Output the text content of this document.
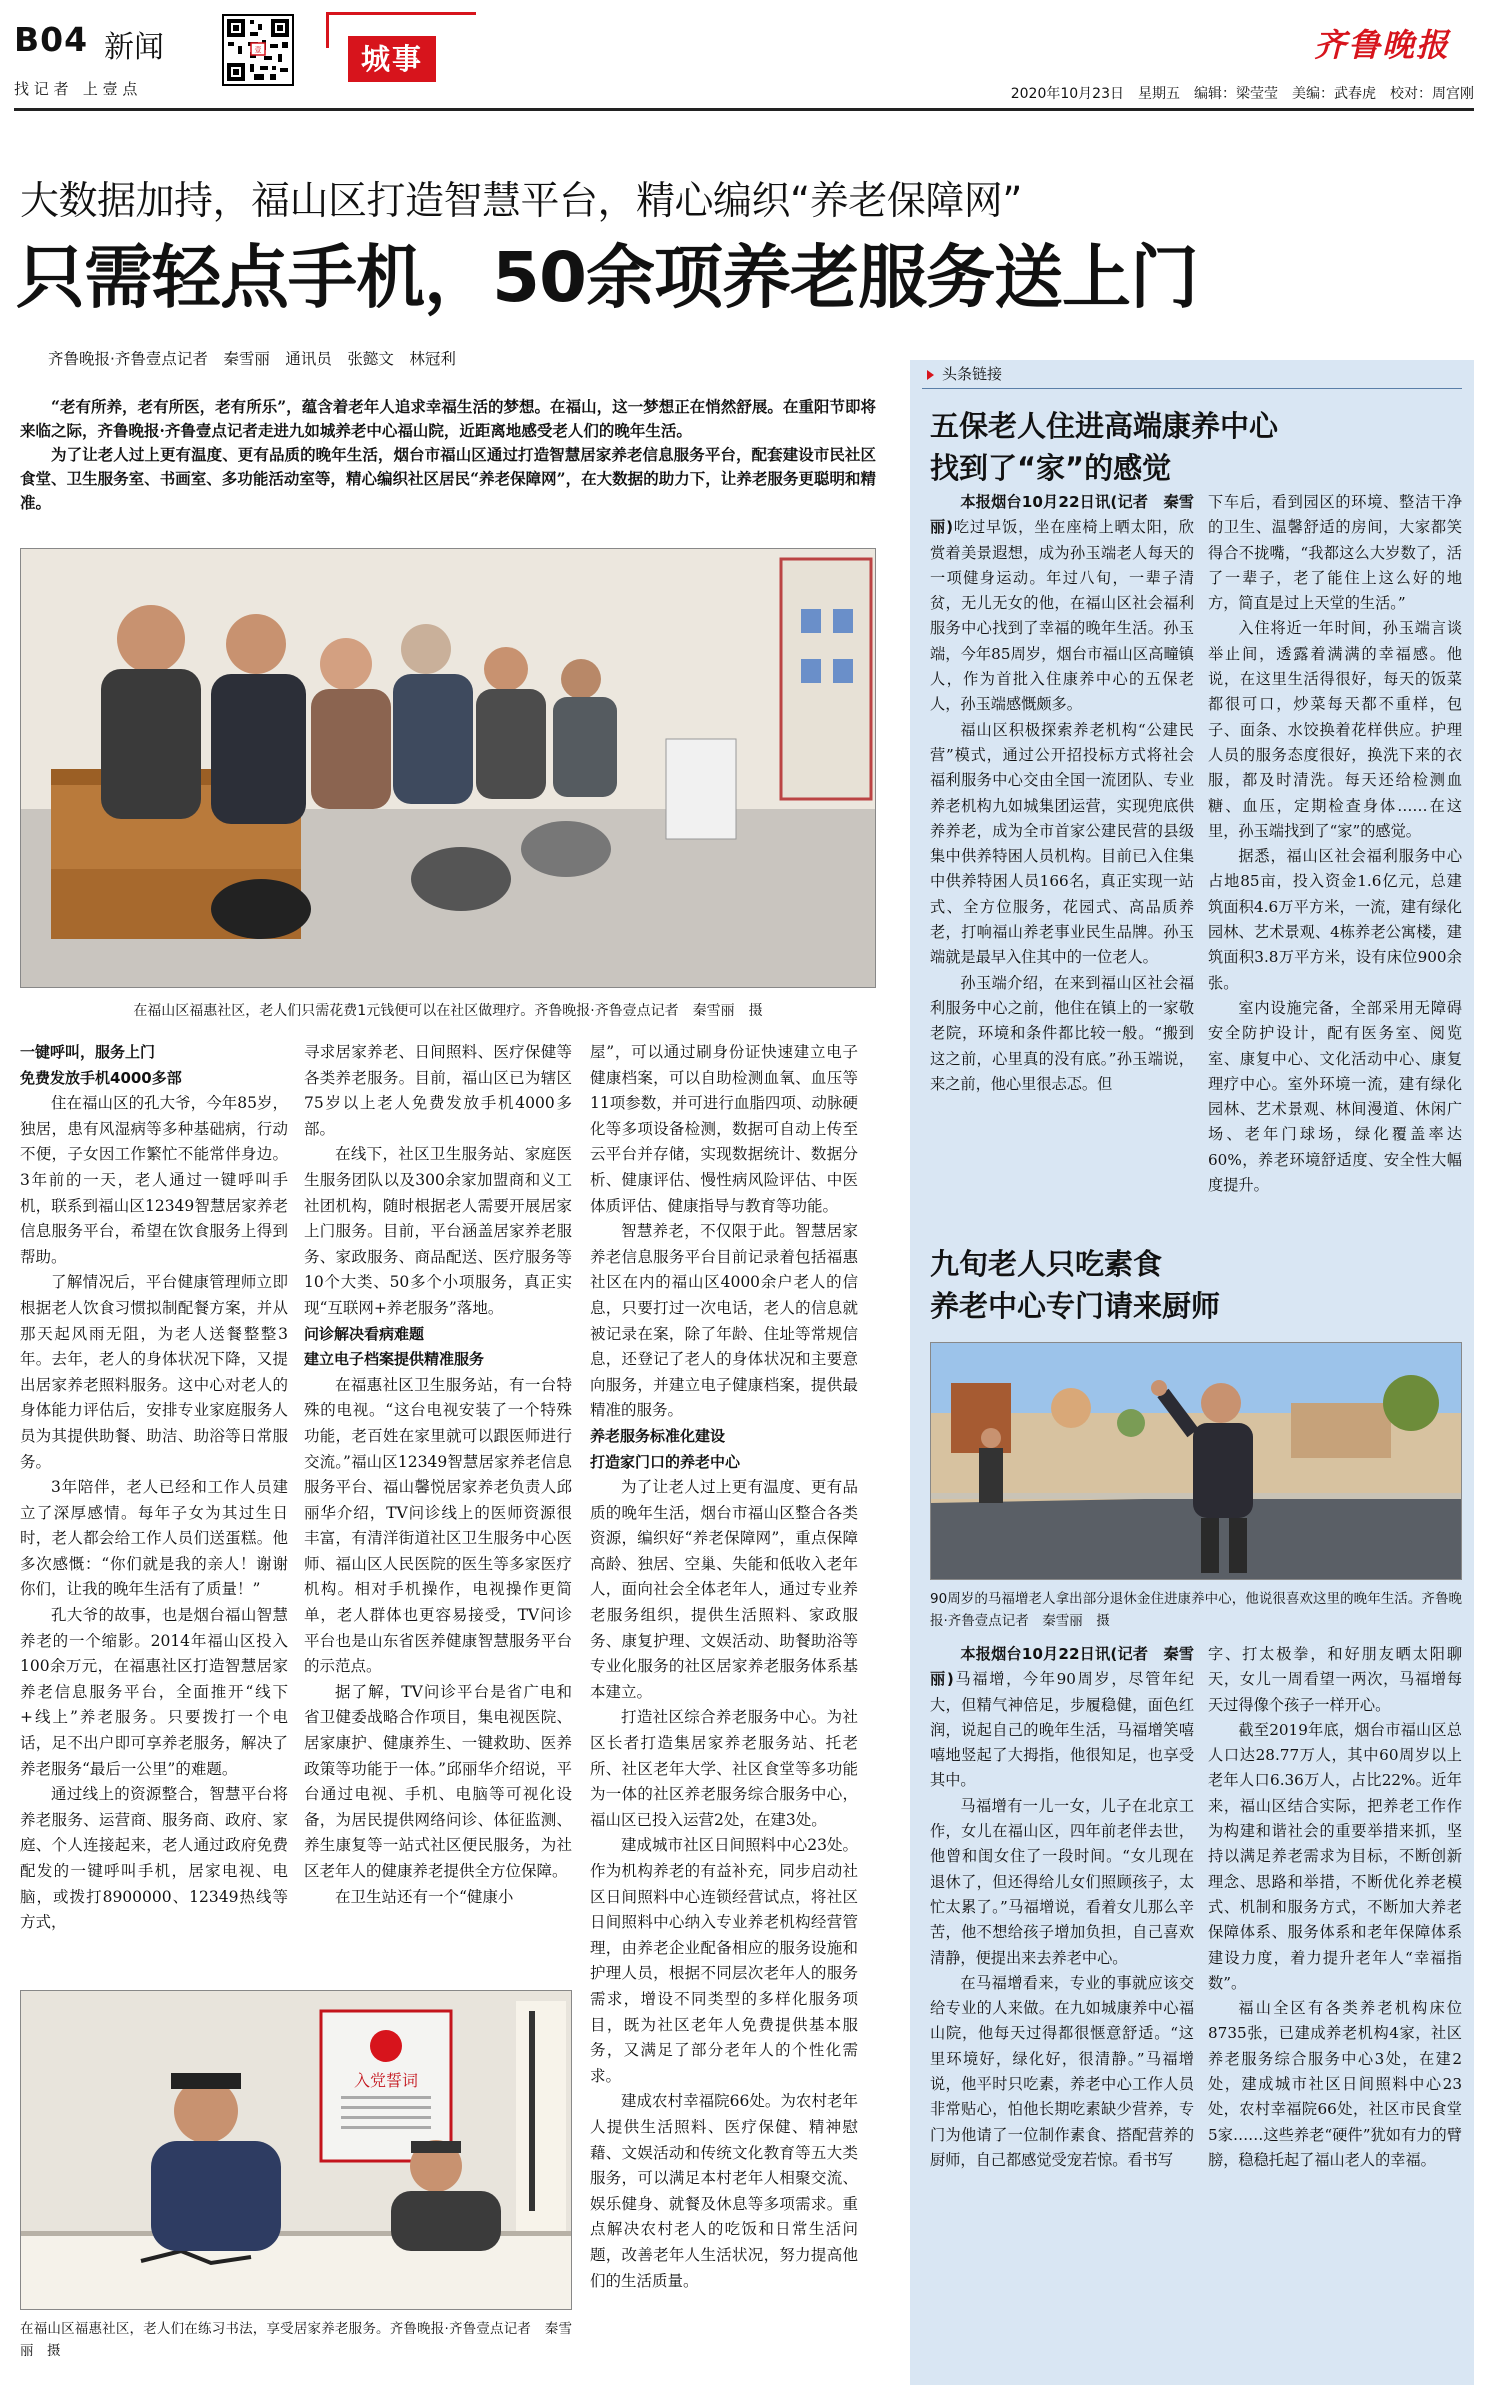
B04 新闻
找 记 者   上 壹 点
壹	城事	齐鲁晚报
2020年10月23日　星期五　编辑：梁莹莹　美编：武春虎　校对：周宫刚
大数据加持，福山区打造智慧平台，精心编织“养老保障网”
只需轻点手机，50余项养老服务送上门
齐鲁晚报·齐鲁壹点记者　秦雪丽　通讯员　张懿文　林冠利

“老有所养，老有所医，老有所乐”，蕴含着老年人追求幸福生活的梦想。在福山，这一梦想正在悄然舒展。在重阳节即将来临之际，齐鲁晚报·齐鲁壹点记者走进九如城养老中心福山院，近距离地感受老人们的晚年生活。

为了让老人过上更有温度、更有品质的晚年生活，烟台市福山区通过打造智慧居家养老信息服务平台，配套建设市民社区食堂、卫生服务室、书画室、多功能活动室等，精心编织社区居民“养老保障网”，在大数据的助力下，让养老服务更聪明和精准。

在福山区福惠社区，老人们只需花费1元钱便可以在社区做理疗。齐鲁晚报·齐鲁壹点记者　秦雪丽　摄
一键呼叫，服务上门
免费发放手机4000多部

住在福山区的孔大爷，今年85岁，独居，患有风湿病等多种基础病，行动不便，子女因工作繁忙不能常伴身边。3年前的一天，老人通过一键呼叫手机，联系到福山区12349智慧居家养老信息服务平台，希望在饮食服务上得到帮助。

了解情况后，平台健康管理师立即根据老人饮食习惯拟制配餐方案，并从那天起风雨无阻，为老人送餐整整3年。去年，老人的身体状况下降，又提出居家养老照料服务。这中心对老人的身体能力评估后，安排专业家庭服务人员为其提供助餐、助洁、助浴等日常服务。

3年陪伴，老人已经和工作人员建立了深厚感情。每年子女为其过生日时，老人都会给工作人员们送蛋糕。他多次感慨：“你们就是我的亲人！谢谢你们，让我的晚年生活有了质量！”

孔大爷的故事，也是烟台福山智慧养老的一个缩影。2014年福山区投入100余万元，在福惠社区打造智慧居家养老信息服务平台，全面推开“线下+线上”养老服务。只要拨打一个电话，足不出户即可享养老服务，解决了养老服务“最后一公里”的难题。

通过线上的资源整合，智慧平台将养老服务、运营商、服务商、政府、家庭、个人连接起来，老人通过政府免费配发的一键呼叫手机，居家电视、电脑，或拨打8900000、12349热线等方式，

寻求居家养老、日间照料、医疗保健等各类养老服务。目前，福山区已为辖区75岁以上老人免费发放手机4000多部。

在线下，社区卫生服务站、家庭医生服务团队以及300余家加盟商和义工社团机构，随时根据老人需要开展居家上门服务。目前，平台涵盖居家养老服务、家政服务、商品配送、医疗服务等10个大类、50多个小项服务，真正实现“互联网+养老服务”落地。

问诊解决看病难题
建立电子档案提供精准服务

在福惠社区卫生服务站，有一台特殊的电视。“这台电视安装了一个特殊功能，老百姓在家里就可以跟医师进行交流。”福山区12349智慧居家养老信息服务平台、福山馨悦居家养老负责人邱丽华介绍，TV问诊线上的医师资源很丰富，有清洋街道社区卫生服务中心医师、福山区人民医院的医生等多家医疗机构。相对手机操作，电视操作更简单，老人群体也更容易接受，TV问诊平台也是山东省医养健康智慧服务平台的示范点。

据了解，TV问诊平台是省广电和省卫健委战略合作项目，集电视医院、居家康护、健康养生、一键救助、医养政策等功能于一体。”邱丽华介绍说，平台通过电视、手机、电脑等可视化设备，为居民提供网络问诊、体征监测、养生康复等一站式社区便民服务，为社区老年人的健康养老提供全方位保障。

在卫生站还有一个“健康小

屋”，可以通过刷身份证快速建立电子健康档案，可以自助检测血氧、血压等11项参数，并可进行血脂四项、动脉硬化等多项设备检测，数据可自动上传至云平台并存储，实现数据统计、数据分析、健康评估、慢性病风险评估、中医体质评估、健康指导与教育等功能。

智慧养老，不仅限于此。智慧居家养老信息服务平台目前记录着包括福惠社区在内的福山区4000余户老人的信息，只要打过一次电话，老人的信息就被记录在案，除了年龄、住址等常规信息，还登记了老人的身体状况和主要意向服务，并建立电子健康档案，提供最精准的服务。

养老服务标准化建设
打造家门口的养老中心

为了让老人过上更有温度、更有品质的晚年生活，烟台市福山区整合各类资源，编织好“养老保障网”，重点保障高龄、独居、空巢、失能和低收入老年人，面向社会全体老年人，通过专业养老服务组织，提供生活照料、家政服务、康复护理、文娱活动、助餐助浴等专业化服务的社区居家养老服务体系基本建立。

打造社区综合养老服务中心。为社区长者打造集居家养老服务站、托老所、社区老年大学、社区食堂等多功能为一体的社区养老服务综合服务中心，福山区已投入运营2处，在建3处。

建成城市社区日间照料中心23处。作为机构养老的有益补充，同步启动社区日间照料中心连锁经营试点，将社区日间照料中心纳入专业养老机构经营管理，由养老企业配备相应的服务设施和护理人员，根据不同层次老年人的服务需求，增设不同类型的多样化服务项目，既为社区老年人免费提供基本服务，又满足了部分老年人的个性化需求。

建成农村幸福院66处。为农村老年人提供生活照料、医疗保健、精神慰藉、文娱活动和传统文化教育等五大类服务，可以满足本村老年人相聚交流、娱乐健身、就餐及休息等多项需求。重点解决农村老人的吃饭和日常生活问题，改善老年人生活状况，努力提高他们的生活质量。

入党誓词
在福山区福惠社区，老人们在练习书法，享受居家养老服务。齐鲁晚报·齐鲁壹点记者　秦雪丽　摄
头条链接
五保老人住进高端康养中心
找到了“家”的感觉

本报烟台10月22日讯(记者　秦雪丽)吃过早饭，坐在座椅上晒太阳，欣赏着美景遐想，成为孙玉端老人每天的一项健身运动。年过八旬，一辈子清贫，无儿无女的他，在福山区社会福利服务中心找到了幸福的晚年生活。孙玉端，今年85周岁，烟台市福山区高疃镇人，作为首批入住康养中心的五保老人，孙玉端感慨颇多。

福山区积极探索养老机构“公建民营”模式，通过公开招投标方式将社会福利服务中心交由全国一流团队、专业养老机构九如城集团运营，实现兜底供养养老，成为全市首家公建民营的县级集中供养特困人员机构。目前已入住集中供养特困人员166名，真正实现一站式、全方位服务，花园式、高品质养老，打响福山养老事业民生品牌。孙玉端就是最早入住其中的一位老人。

孙玉端介绍，在来到福山区社会福利服务中心之前，他住在镇上的一家敬老院，环境和条件都比较一般。“搬到这之前，心里真的没有底。”孙玉端说，来之前，他心里很忐忑。但

下车后，看到园区的环境、整洁干净的卫生、温馨舒适的房间，大家都笑得合不拢嘴，“我都这么大岁数了，活了一辈子，老了能住上这么好的地方，简直是过上天堂的生活。”

入住将近一年时间，孙玉端言谈举止间，透露着满满的幸福感。他说，在这里生活得很好，每天的饭菜都很可口，炒菜每天都不重样，包子、面条、水饺换着花样供应。护理人员的服务态度很好，换洗下来的衣服，都及时清洗。每天还给检测血糖、血压，定期检查身体……在这里，孙玉端找到了“家”的感觉。

据悉，福山区社会福利服务中心占地85亩，投入资金1.6亿元，总建筑面积4.6万平方米，一流，建有绿化园林、艺术景观、4栋养老公寓楼，建筑面积3.8万平方米，设有床位900余张。

室内设施完备，全部采用无障碍安全防护设计，配有医务室、阅览室、康复中心、文化活动中心、康复理疗中心。室外环境一流，建有绿化园林、艺术景观、林间漫道、休闲广场、老年门球场，绿化覆盖率达60%，养老环境舒适度、安全性大幅度提升。

九旬老人只吃素食
养老中心专门请来厨师
90周岁的马福增老人拿出部分退休金住进康养中心，他说很喜欢这里的晚年生活。齐鲁晚报·齐鲁壹点记者　秦雪丽　摄

本报烟台10月22日讯(记者　秦雪丽)马福增，今年90周岁，尽管年纪大，但精气神倍足，步履稳健，面色红润，说起自己的晚年生活，马福增笑嘻嘻地竖起了大拇指，他很知足，也享受其中。

马福增有一儿一女，儿子在北京工作，女儿在福山区，四年前老伴去世，他曾和闺女住了一段时间。“女儿现在退休了，但还得给儿女们照顾孩子，太忙太累了。”马福增说，看着女儿那么辛苦，他不想给孩子增加负担，自己喜欢清静，便提出来去养老中心。

在马福增看来，专业的事就应该交给专业的人来做。在九如城康养中心福山院，他每天过得都很惬意舒适。“这里环境好，绿化好，很清静。”马福增说，他平时只吃素，养老中心工作人员非常贴心，怕他长期吃素缺少营养，专门为他请了一位制作素食、搭配营养的厨师，自己都感觉受宠若惊。看书写

字、打太极拳，和好朋友晒太阳聊天，女儿一周看望一两次，马福增每天过得像个孩子一样开心。

截至2019年底，烟台市福山区总人口达28.77万人，其中60周岁以上老年人口6.36万人，占比22%。近年来，福山区结合实际，把养老工作作为构建和谐社会的重要举措来抓，坚持以满足养老需求为目标，不断创新理念、思路和举措，不断优化养老模式、机制和服务方式，不断加大养老保障体系、服务体系和老年保障体系建设力度，着力提升老年人“幸福指数”。

福山全区有各类养老机构床位8735张，已建成养老机构4家，社区养老服务综合服务中心3处，在建2处，建成城市社区日间照料中心23处，农村幸福院66处，社区市民食堂5家……这些养老“硬件”犹如有力的臂膀，稳稳托起了福山老人的幸福。
